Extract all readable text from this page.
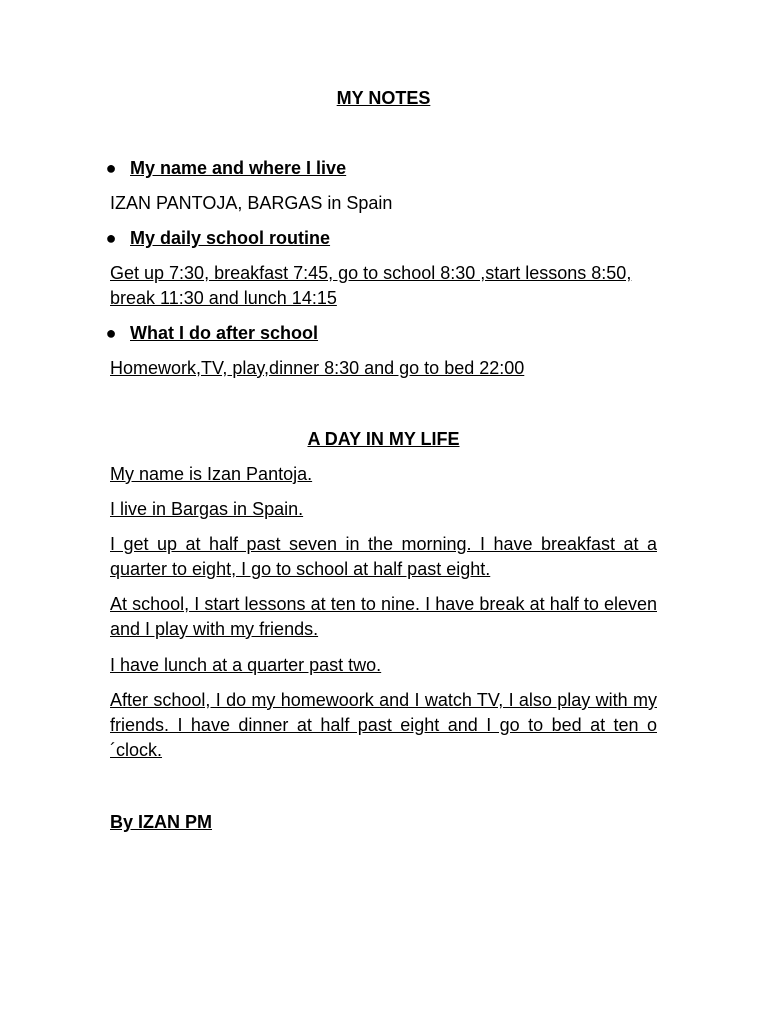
MY NOTES
● My name and where I live
IZAN PANTOJA, BARGAS in Spain
● My daily school routine
Get up 7:30, breakfast 7:45, go to school 8:30 ,start lessons 8:50,
break 11:30 and lunch 14:15
● What I do after school
Homework,TV, play,dinner 8:30 and go to bed 22:00
A DAY IN MY LIFE
My name is Izan Pantoja.
I live in Bargas in Spain.
I get up at half past seven in the morning. I have breakfast at a quarter to eight, I go to school at half past eight.
At school, I start lessons at ten to nine. I have break at half to eleven and I play with my friends.
I have lunch at a quarter past two.
After school, I do my homewoork and I watch TV, I also play with my friends. I have dinner at half past eight and I go to bed at ten o´clock.
By IZAN PM
